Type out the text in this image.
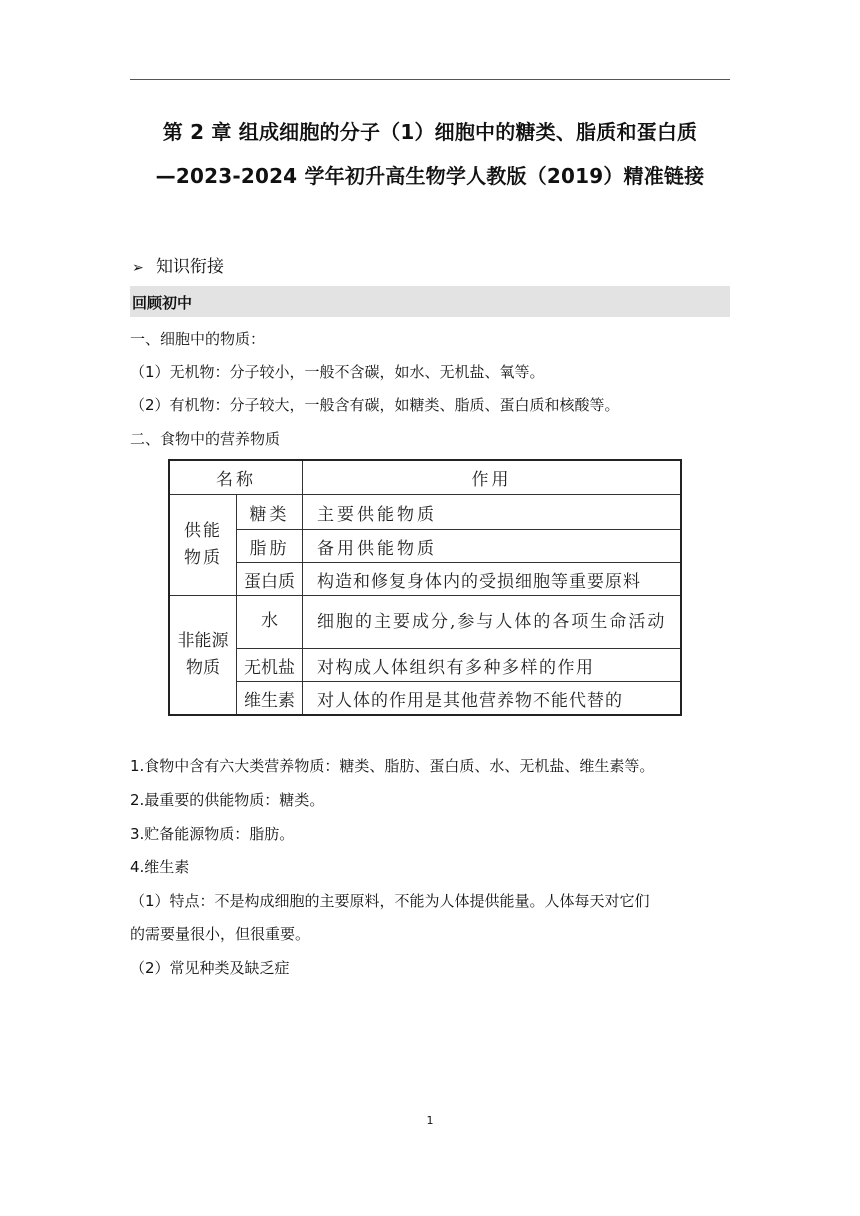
第 2 章 组成细胞的分子（1）细胞中的糖类、脂质和蛋白质
—2023-2024 学年初升高生物学人教版（2019）精准链接
➢ 知识衔接
回顾初中
一、细胞中的物质：
（1）无机物：分子较小，一般不含碳，如水、无机盐、氧等。
（2）有机物：分子较大，一般含有碳，如糖类、脂质、蛋白质和核酸等。
二、食物中的营养物质
名称	作用
供能
物质
糖类	主要供能物质
脂肪	备用供能物质
蛋白质	构造和修复身体内的受损细胞等重要原料
非能源
物质
水	细胞的主要成分,参与人体的各项生命活动
无机盐	对构成人体组织有多种多样的作用
维生素	对人体的作用是其他营养物不能代替的
1.食物中含有六大类营养物质：糖类、脂肪、蛋白质、水、无机盐、维生素等。
2.最重要的供能物质：糖类。
3.贮备能源物质：脂肪。
4.维生素
（1）特点：不是构成细胞的主要原料，不能为人体提供能量。人体每天对它们
的需要量很小，但很重要。
（2）常见种类及缺乏症
1
